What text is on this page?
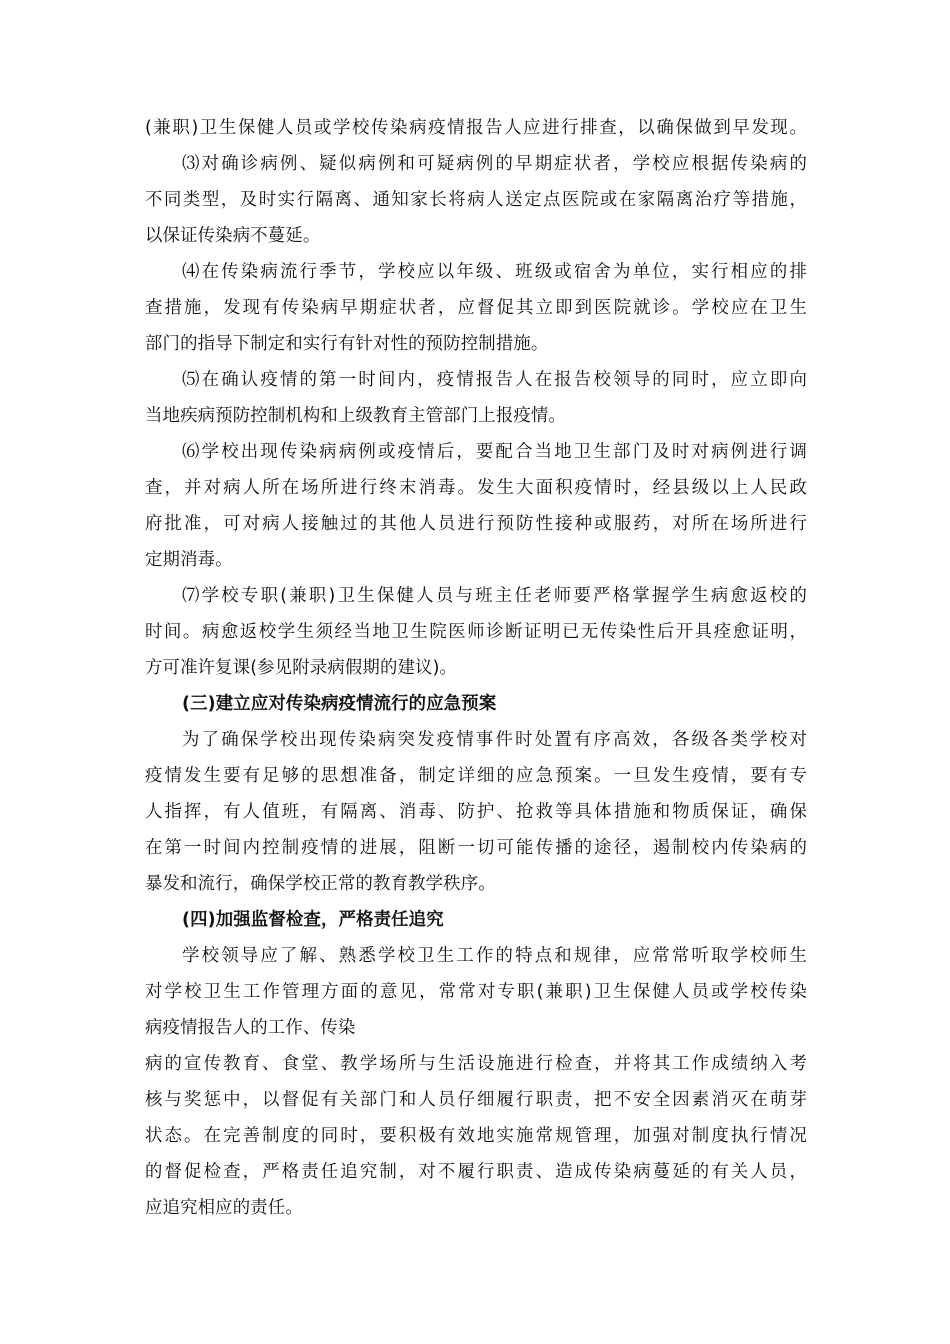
(兼职)卫生保健人员或学校传染病疫情报告人应进行排查，以确保做到早发现。
⑶对确诊病例、疑似病例和可疑病例的早期症状者，学校应根据传染病的
不同类型，及时实行隔离、通知家长将病人送定点医院或在家隔离治疗等措施，
以保证传染病不蔓延。
⑷在传染病流行季节，学校应以年级、班级或宿舍为单位，实行相应的排
查措施，发现有传染病早期症状者，应督促其立即到医院就诊。学校应在卫生
部门的指导下制定和实行有针对性的预防控制措施。
⑸在确认疫情的第一时间内，疫情报告人在报告校领导的同时，应立即向
当地疾病预防控制机构和上级教育主管部门上报疫情。
⑹学校出现传染病病例或疫情后，要配合当地卫生部门及时对病例进行调
查，并对病人所在场所进行终末消毒。发生大面积疫情时，经县级以上人民政
府批准，可对病人接触过的其他人员进行预防性接种或服药，对所在场所进行
定期消毒。
⑺学校专职(兼职)卫生保健人员与班主任老师要严格掌握学生病愈返校的
时间。病愈返校学生须经当地卫生院医师诊断证明已无传染性后开具痊愈证明，
方可准许复课(参见附录病假期的建议)。
(三)建立应对传染病疫情流行的应急预案
为了确保学校出现传染病突发疫情事件时处置有序高效，各级各类学校对
疫情发生要有足够的思想准备，制定详细的应急预案。一旦发生疫情，要有专
人指挥，有人值班，有隔离、消毒、防护、抢救等具体措施和物质保证，确保
在第一时间内控制疫情的进展，阻断一切可能传播的途径，遏制校内传染病的
暴发和流行，确保学校正常的教育教学秩序。
(四)加强监督检查，严格责任追究
学校领导应了解、熟悉学校卫生工作的特点和规律，应常常听取学校师生
对学校卫生工作管理方面的意见，常常对专职(兼职)卫生保健人员或学校传染
病疫情报告人的工作、传染
病的宣传教育、食堂、教学场所与生活设施进行检查，并将其工作成绩纳入考
核与奖惩中，以督促有关部门和人员仔细履行职责，把不安全因素消灭在萌芽
状态。在完善制度的同时，要积极有效地实施常规管理，加强对制度执行情况
的督促检查，严格责任追究制，对不履行职责、造成传染病蔓延的有关人员，
应追究相应的责任。
